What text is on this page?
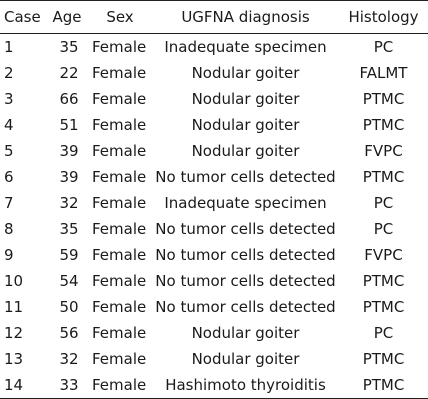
Case	Age	Sex	UGFNA diagnosis	Histology
1	35	Female	Inadequate specimen	PC
2	22	Female	Nodular goiter	FALMT
3	66	Female	Nodular goiter	PTMC
4	51	Female	Nodular goiter	PTMC
5	39	Female	Nodular goiter	FVPC
6	39	Female	No tumor cells detected	PTMC
7	32	Female	Inadequate specimen	PC
8	35	Female	No tumor cells detected	PC
9	59	Female	No tumor cells detected	FVPC
10	54	Female	No tumor cells detected	PTMC
11	50	Female	No tumor cells detected	PTMC
12	56	Female	Nodular goiter	PC
13	32	Female	Nodular goiter	PTMC
14	33	Female	Hashimoto thyroiditis	PTMC
